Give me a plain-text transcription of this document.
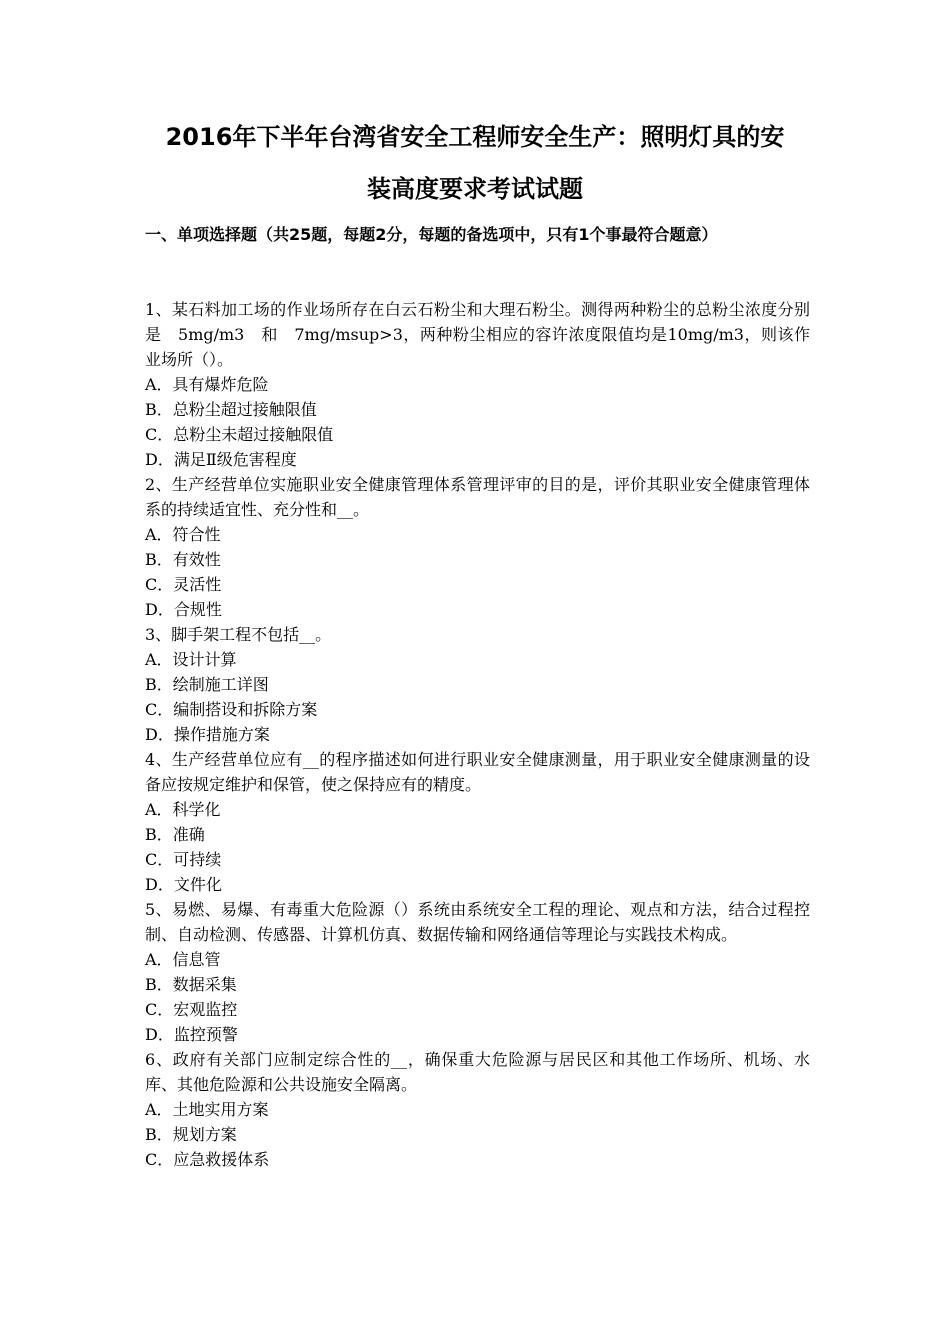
2016年下半年台湾省安全工程师安全生产：照明灯具的安
装高度要求考试试题
一、单项选择题（共25题，每题2分，每题的备选项中，只有1个事最符合题意）

1、某石料加工场的作业场所存在白云石粉尘和大理石粉尘。测得两种粉尘的总粉尘浓度分别是　5mg/m3　和　7mg/msup>3，两种粉尘相应的容许浓度限值均是10mg/m3，则该作业场所（）。

A．具有爆炸危险

B．总粉尘超过接触限值

C．总粉尘未超过接触限值

D．满足Ⅱ级危害程度

2、生产经营单位实施职业安全健康管理体系管理评审的目的是，评价其职业安全健康管理体系的持续适宜性、充分性和__。

A．符合性

B．有效性

C．灵活性

D．合规性

3、脚手架工程不包括__。

A．设计计算

B．绘制施工详图

C．编制搭设和拆除方案

D．操作措施方案

4、生产经营单位应有__的程序描述如何进行职业安全健康测量，用于职业安全健康测量的设备应按规定维护和保管，使之保持应有的精度。

A．科学化

B．准确

C．可持续

D．文件化

5、易燃、易爆、有毒重大危险源（）系统由系统安全工程的理论、观点和方法，结合过程控制、自动检测、传感器、计算机仿真、数据传输和网络通信等理论与实践技术构成。

A．信息管

B．数据采集

C．宏观监控

D．监控预警

6、政府有关部门应制定综合性的__，确保重大危险源与居民区和其他工作场所、机场、水库、其他危险源和公共设施安全隔离。

A．土地实用方案

B．规划方案

C．应急救援体系
